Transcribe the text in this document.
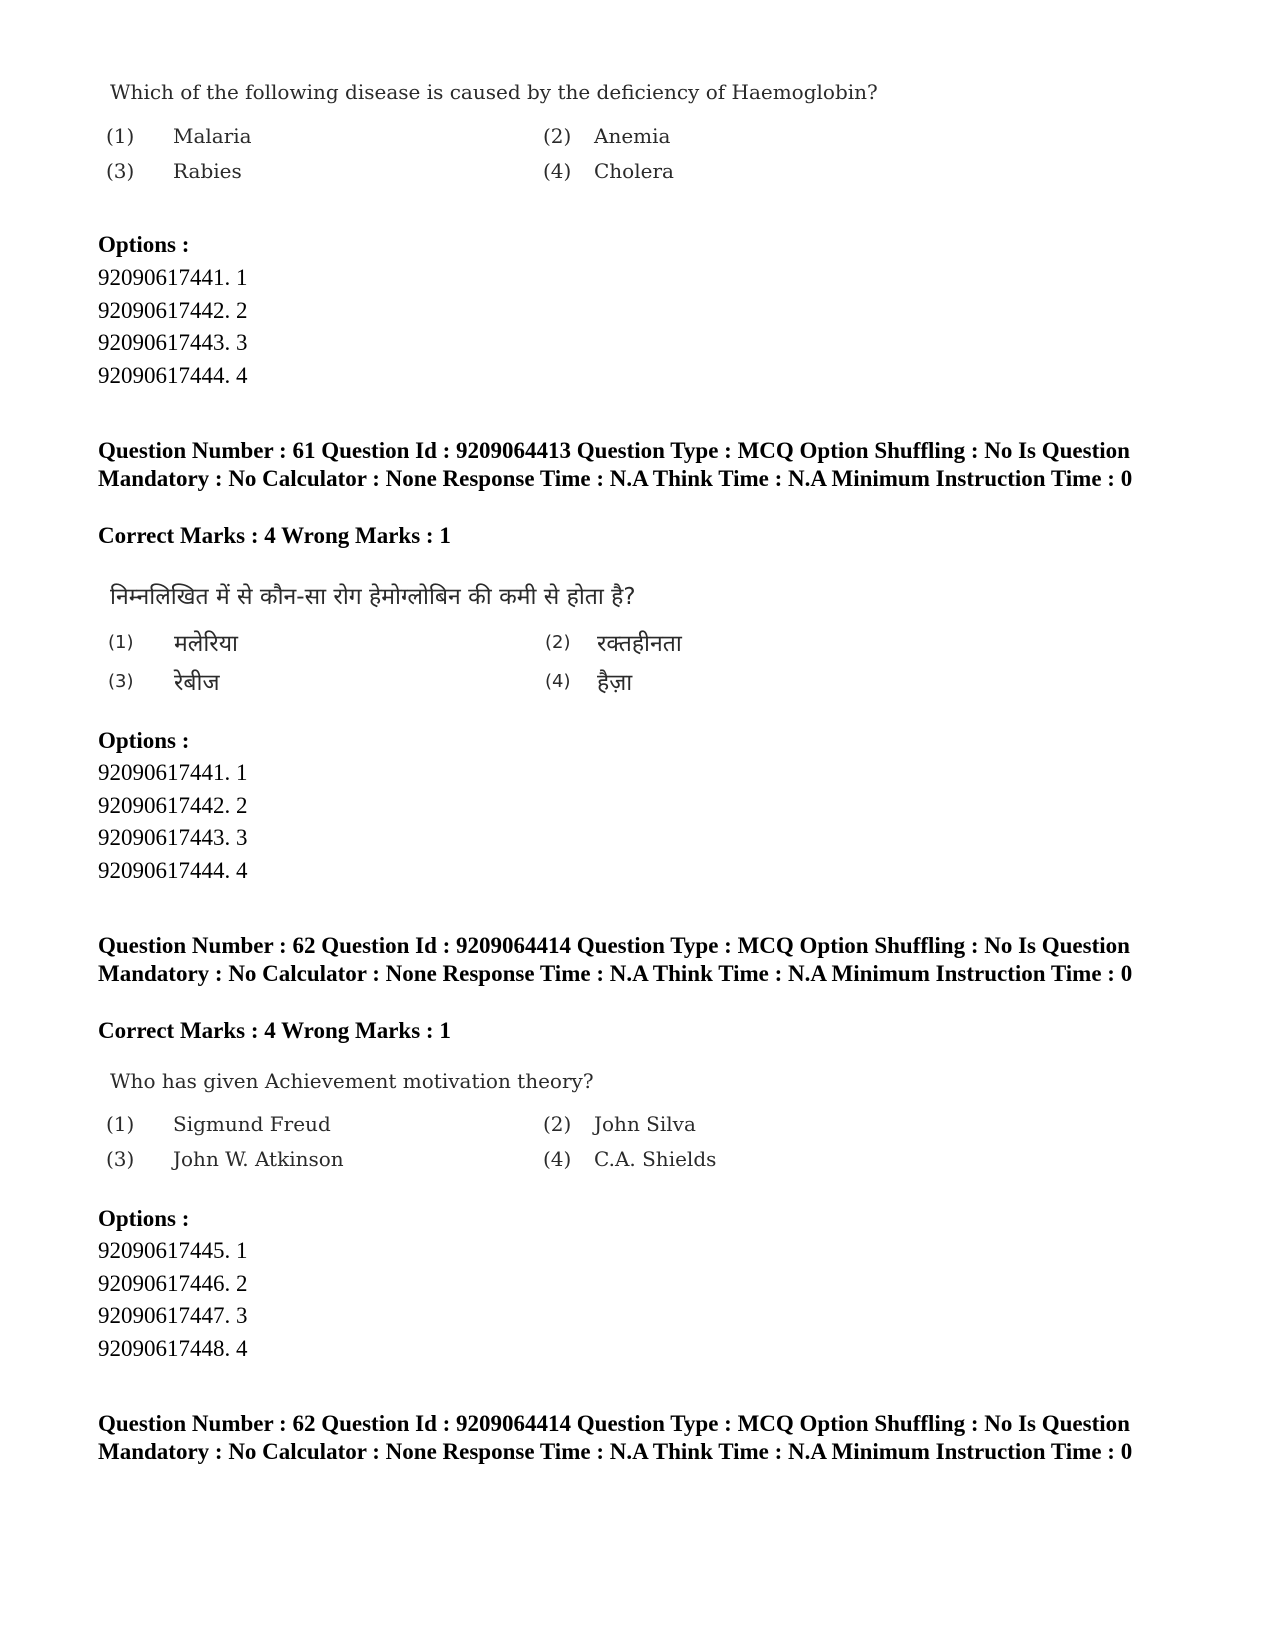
Which of the following disease is caused by the deficiency of Haemoglobin?
(1) Malaria	(2) Anemia
(3) Rabies	(4) Cholera
Options :
92090617441. 1
92090617442. 2
92090617443. 3
92090617444. 4
Question Number : 61 Question Id : 9209064413 Question Type : MCQ Option Shuffling : No Is Question Mandatory : No Calculator : None Response Time : N.A Think Time : N.A Minimum Instruction Time : 0
Correct Marks : 4 Wrong Marks : 1
निम्नलिखित में से कौन-सा रोग हेमोग्लोबिन की कमी से होता है?
(1) मलेरिया	(2) रक्तहीनता
(3) रेबीज	(4) हैज़ा
Options :
92090617441. 1
92090617442. 2
92090617443. 3
92090617444. 4
Question Number : 62 Question Id : 9209064414 Question Type : MCQ Option Shuffling : No Is Question Mandatory : No Calculator : None Response Time : N.A Think Time : N.A Minimum Instruction Time : 0
Correct Marks : 4 Wrong Marks : 1
Who has given Achievement motivation theory?
(1) Sigmund Freud	(2) John Silva
(3) John W. Atkinson	(4) C.A. Shields
Options :
92090617445. 1
92090617446. 2
92090617447. 3
92090617448. 4
Question Number : 62 Question Id : 9209064414 Question Type : MCQ Option Shuffling : No Is Question Mandatory : No Calculator : None Response Time : N.A Think Time : N.A Minimum Instruction Time : 0
